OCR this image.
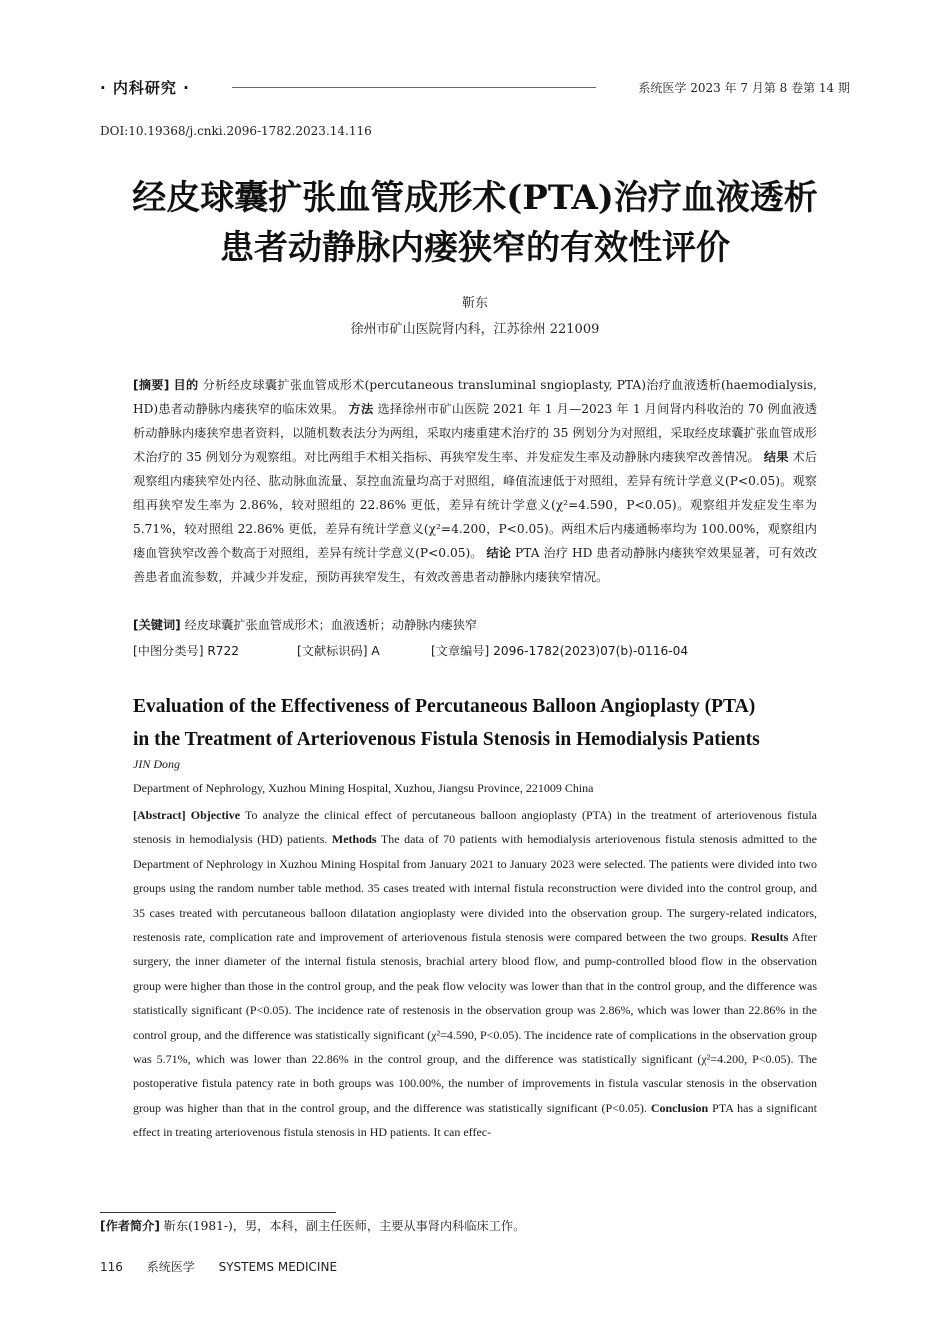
· 内科研究 ·	系统医学 2023 年 7 月第 8 卷第 14 期
DOI:10.19368/j.cnki.2096-1782.2023.14.116
经皮球囊扩张血管成形术(PTA)治疗血液透析
患者动静脉内瘘狭窄的有效性评价
靳东
徐州市矿山医院肾内科，江苏徐州 221009
[摘要] 目的 分析经皮球囊扩张血管成形术(percutaneous transluminal sngioplasty, PTA)治疗血液透析(haemodialysis, HD)患者动静脉内瘘狭窄的临床效果。 方法 选择徐州市矿山医院 2021 年 1 月—2023 年 1 月间肾内科收治的 70 例血液透析动静脉内瘘狭窄患者资料，以随机数表法分为两组，采取内瘘重建术治疗的 35 例划分为对照组，采取经皮球囊扩张血管成形术治疗的 35 例划分为观察组。对比两组手术相关指标、再狭窄发生率、并发症发生率及动静脉内瘘狭窄改善情况。 结果 术后观察组内瘘狭窄处内径、肱动脉血流量、泵控血流量均高于对照组，峰值流速低于对照组，差异有统计学意义(P<0.05)。观察组再狭窄发生率为 2.86%，较对照组的 22.86% 更低，差异有统计学意义(χ²=4.590，P<0.05)。观察组并发症发生率为 5.71%，较对照组 22.86% 更低，差异有统计学意义(χ²=4.200，P<0.05)。两组术后内瘘通畅率均为 100.00%，观察组内瘘血管狭窄改善个数高于对照组，差异有统计学意义(P<0.05)。 结论 PTA 治疗 HD 患者动静脉内瘘狭窄效果显著，可有效改善患者血流参数，并减少并发症，预防再狭窄发生，有效改善患者动静脉内瘘狭窄情况。
[关键词] 经皮球囊扩张血管成形术；血液透析；动静脉内瘘狭窄
[中图分类号] R722	[文献标识码] A	[文章编号] 2096-1782(2023)07(b)-0116-04
Evaluation of the Effectiveness of Percutaneous Balloon Angioplasty (PTA)
in the Treatment of Arteriovenous Fistula Stenosis in Hemodialysis Patients
JIN Dong
Department of Nephrology, Xuzhou Mining Hospital, Xuzhou, Jiangsu Province, 221009 China
[Abstract] Objective To analyze the clinical effect of percutaneous balloon angioplasty (PTA) in the treatment of arteriovenous fistula stenosis in hemodialysis (HD) patients. Methods The data of 70 patients with hemodialysis arteriovenous fistula stenosis admitted to the Department of Nephrology in Xuzhou Mining Hospital from January 2021 to January 2023 were selected. The patients were divided into two groups using the random number table method. 35 cases treated with internal fistula reconstruction were divided into the control group, and 35 cases treated with percutaneous balloon dilatation angioplasty were divided into the observation group. The surgery-related indicators, restenosis rate, complication rate and improvement of arteriovenous fistula stenosis were compared between the two groups. Results After surgery, the inner diameter of the internal fistula stenosis, brachial artery blood flow, and pump-controlled blood flow in the observation group were higher than those in the control group, and the peak flow velocity was lower than that in the control group, and the difference was statistically significant (P<0.05). The incidence rate of restenosis in the observation group was 2.86%, which was lower than 22.86% in the control group, and the difference was statistically significant (χ²=4.590, P<0.05). The incidence rate of complications in the observation group was 5.71%, which was lower than 22.86% in the control group, and the difference was statistically significant (χ²=4.200, P<0.05). The postoperative fistula patency rate in both groups was 100.00%, the number of improvements in fistula vascular stenosis in the observation group was higher than that in the control group, and the difference was statistically significant (P<0.05). Conclusion PTA has a significant effect in treating arteriovenous fistula stenosis in HD patients. It can effec-
[作者简介] 靳东(1981-)，男，本科，副主任医师，主要从事肾内科临床工作。
116 系统医学 SYSTEMS MEDICINE
